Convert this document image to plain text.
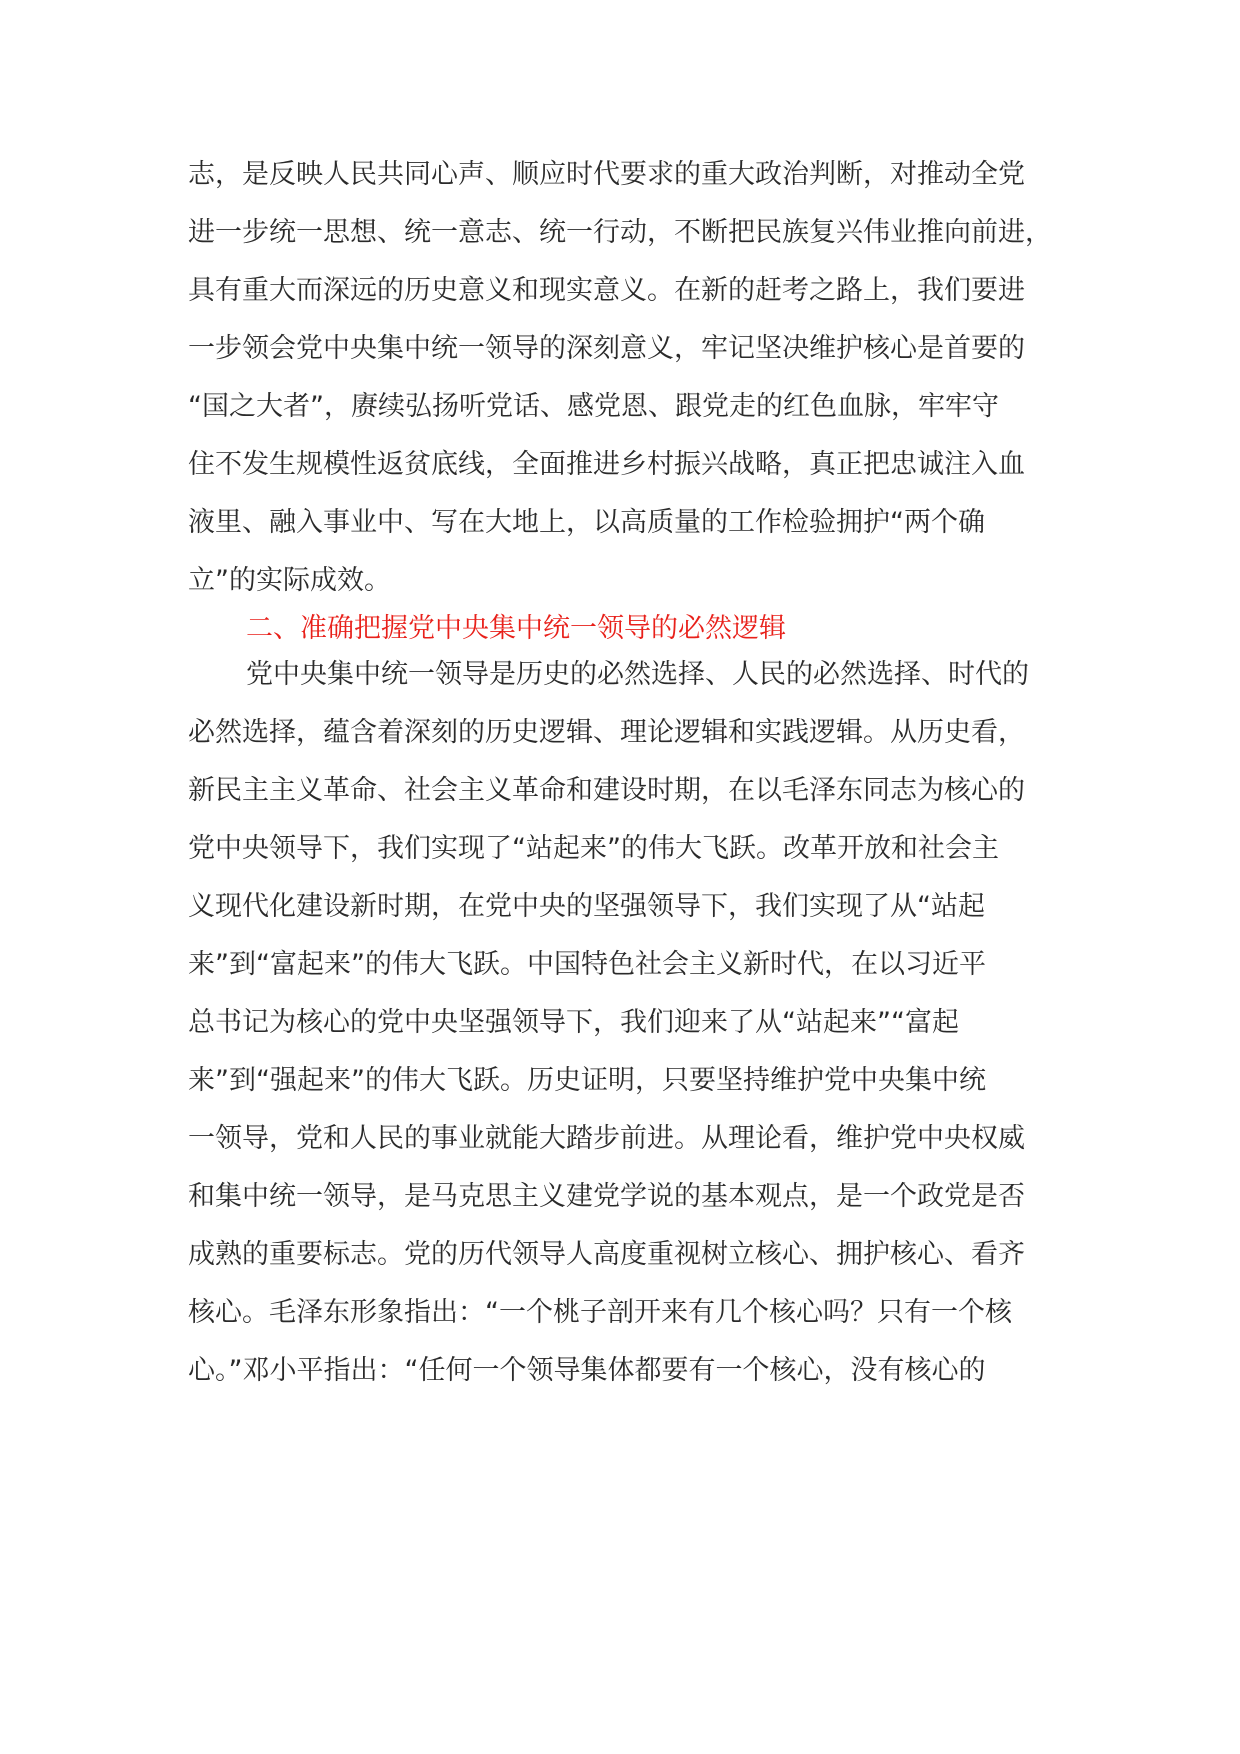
志，是反映人民共同心声、顺应时代要求的重大政治判断，对推动全党
进一步统一思想、统一意志、统一行动，不断把民族复兴伟业推向前进，
具有重大而深远的历史意义和现实意义。在新的赶考之路上，我们要进
一步领会党中央集中统一领导的深刻意义，牢记坚决维护核心是首要的
“国之大者”，赓续弘扬听党话、感党恩、跟党走的红色血脉，牢牢守
住不发生规模性返贫底线，全面推进乡村振兴战略，真正把忠诚注入血
液里、融入事业中、写在大地上，以高质量的工作检验拥护“两个确
立”的实际成效。
二、准确把握党中央集中统一领导的必然逻辑
党中央集中统一领导是历史的必然选择、人民的必然选择、时代的
必然选择，蕴含着深刻的历史逻辑、理论逻辑和实践逻辑。从历史看，
新民主主义革命、社会主义革命和建设时期，在以毛泽东同志为核心的
党中央领导下，我们实现了“站起来”的伟大飞跃。改革开放和社会主
义现代化建设新时期，在党中央的坚强领导下，我们实现了从“站起
来”到“富起来”的伟大飞跃。中国特色社会主义新时代，在以习近平
总书记为核心的党中央坚强领导下，我们迎来了从“站起来”“富起
来”到“强起来”的伟大飞跃。历史证明，只要坚持维护党中央集中统
一领导，党和人民的事业就能大踏步前进。从理论看，维护党中央权威
和集中统一领导，是马克思主义建党学说的基本观点，是一个政党是否
成熟的重要标志。党的历代领导人高度重视树立核心、拥护核心、看齐
核心。毛泽东形象指出：“一个桃子剖开来有几个核心吗？只有一个核
心。”邓小平指出：“任何一个领导集体都要有一个核心，没有核心的
